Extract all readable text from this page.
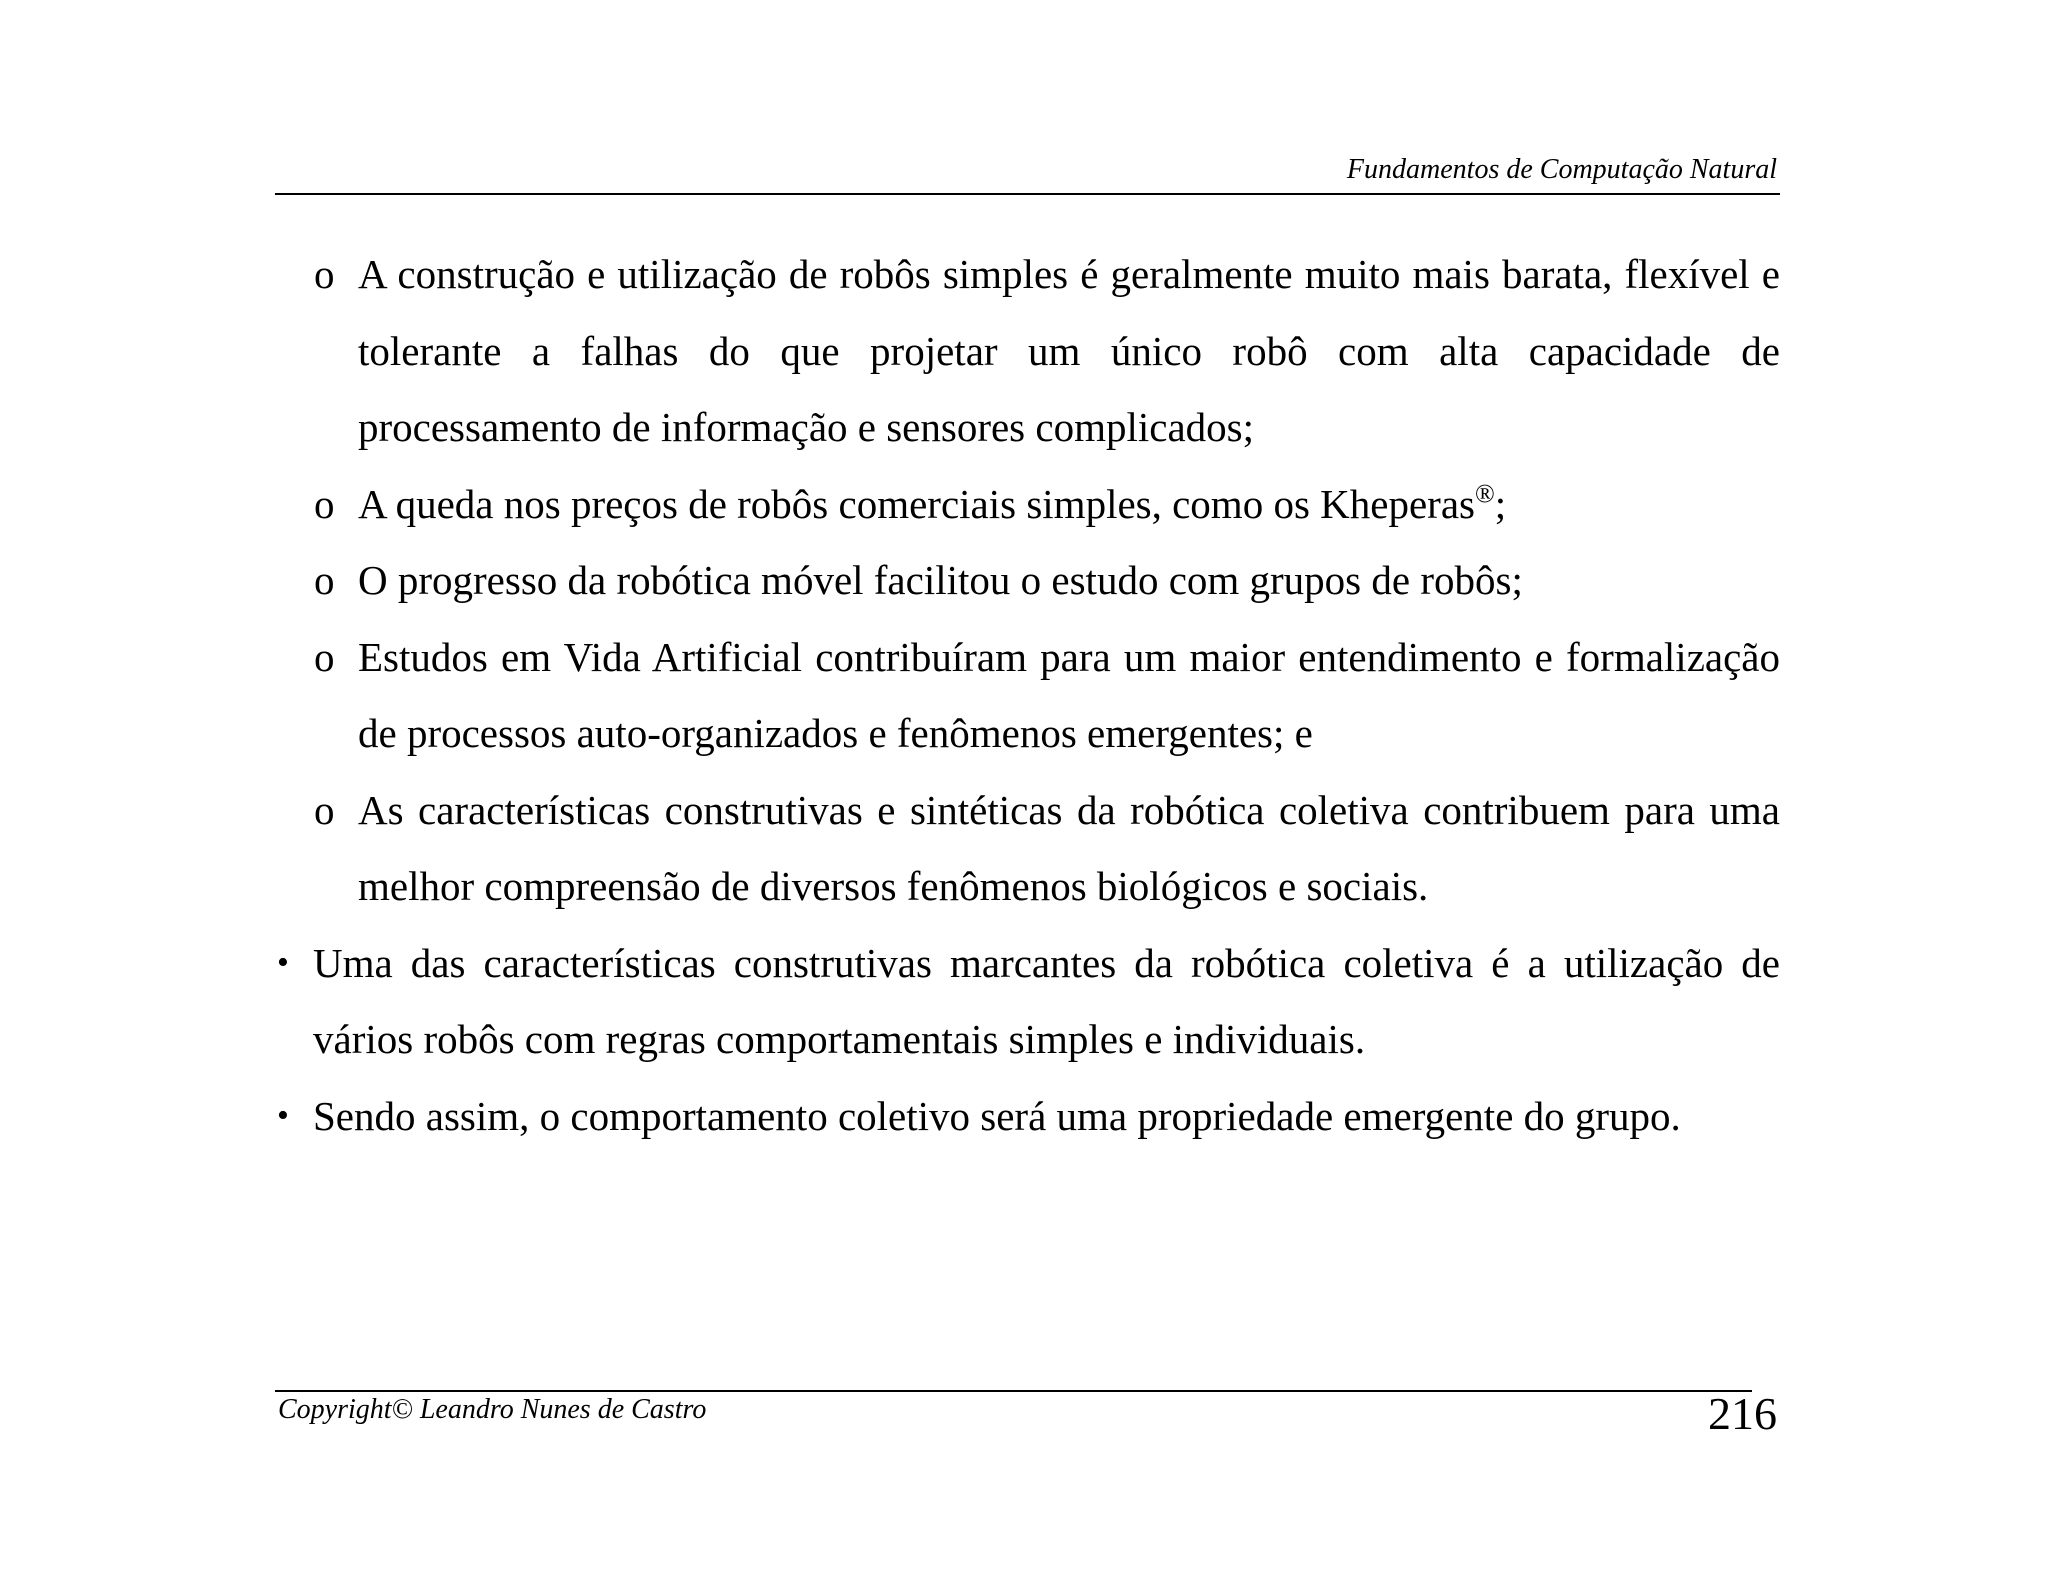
Fundamentos de Computação Natural
o A construção e utilização de robôs simples é geralmente muito mais barata, flexível e tolerante a falhas do que projetar um único robô com alta capacidade de processamento de informação e sensores complicados;
o A queda nos preços de robôs comerciais simples, como os Kheperas®;
o O progresso da robótica móvel facilitou o estudo com grupos de robôs;
o Estudos em Vida Artificial contribuíram para um maior entendimento e formalização de processos auto-organizados e fenômenos emergentes; e
o As características construtivas e sintéticas da robótica coletiva contribuem para uma melhor compreensão de diversos fenômenos biológicos e sociais.
• Uma das características construtivas marcantes da robótica coletiva é a utilização de vários robôs com regras comportamentais simples e individuais.
• Sendo assim, o comportamento coletivo será uma propriedade emergente do grupo.
Copyright© Leandro Nunes de Castro	216
